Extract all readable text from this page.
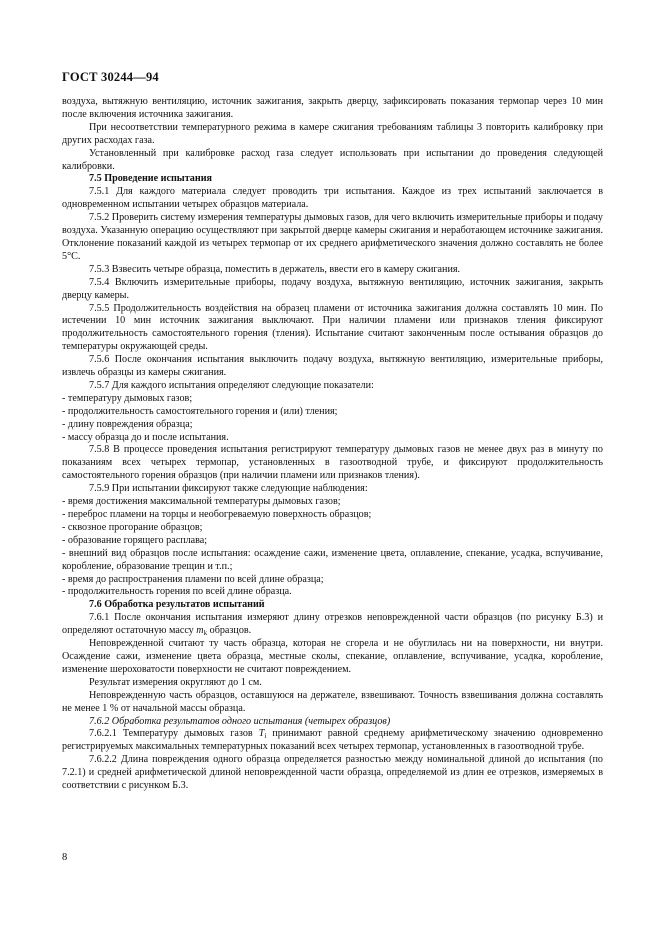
ГОСТ 30244—94

воздуха, вытяжную вентиляцию, источник зажигания, закрыть дверцу, зафиксировать показания термопар через 10 мин после включения источника зажигания.

При несоответствии температурного режима в камере сжигания требованиям таблицы 3 повторить калибровку при других расходах газа.

Установленный при калибровке расход газа следует использовать при испытании до проведения следующей калибровки.

7.5 Проведение испытания

7.5.1 Для каждого материала следует проводить три испытания. Каждое из трех испытаний заключается в одновременном испытании четырех образцов материала.

7.5.2 Проверить систему измерения температуры дымовых газов, для чего включить измерительные приборы и подачу воздуха. Указанную операцию осуществляют при закрытой дверце камеры сжигания и неработающем источнике зажигания. Отклонение показаний каждой из четырех термопар от их среднего арифметического значения должно составлять не более 5°С.

7.5.3 Взвесить четыре образца, поместить в держатель, ввести его в камеру сжигания.

7.5.4 Включить измерительные приборы, подачу воздуха, вытяжную вентиляцию, источник зажигания, закрыть дверцу камеры.

7.5.5 Продолжительность воздействия на образец пламени от источника зажигания должна составлять 10 мин. По истечении 10 мин источник зажигания выключают. При наличии пламени или признаков тления фиксируют продолжительность самостоятельного горения (тления). Испытание считают законченным после остывания образцов до температуры окружающей среды.

7.5.6 После окончания испытания выключить подачу воздуха, вытяжную вентиляцию, измерительные приборы, извлечь образцы из камеры сжигания.

7.5.7 Для каждого испытания определяют следующие показатели:

- температуру дымовых газов;

- продолжительность самостоятельного горения и (или) тления;

- длину повреждения образца;

- массу образца до и после испытания.

7.5.8 В процессе проведения испытания регистрируют температуру дымовых газов не менее двух раз в минуту по показаниям всех четырех термопар, установленных в газоотводной трубе, и фиксируют продолжительность самостоятельного горения образцов (при наличии пламени или признаков тления).

7.5.9 При испытании фиксируют также следующие наблюдения:

- время достижения максимальной температуры дымовых газов;

- переброс пламени на торцы и необогреваемую поверхность образцов;

- сквозное прогорание образцов;

- образование горящего расплава;

- внешний вид образцов после испытания: осаждение сажи, изменение цвета, оплавление, спекание, усадка, вспучивание, коробление, образование трещин и т.п.;

- время до распространения пламени по всей длине образца;

- продолжительность горения по всей длине образца.

7.6 Обработка результатов испытаний

7.6.1 После окончания испытания измеряют длину отрезков неповрежденной части образцов (по рисунку Б.3) и определяют остаточную массу $m_k$ образцов.

Неповрежденной считают ту часть образца, которая не сгорела и не обуглилась ни на поверхности, ни внутри. Осаждение сажи, изменение цвета образца, местные сколы, спекание, оплавление, вспучивание, усадка, коробление, изменение шероховатости поверхности не считают повреждением.

Результат измерения округляют до 1 см.

Неповрежденную часть образцов, оставшуюся на держателе, взвешивают. Точность взвешивания должна составлять не менее 1 % от начальной массы образца.

7.6.2 Обработка результатов одного испытания (четырех образцов)

7.6.2.1 Температуру дымовых газов $T_i$ принимают равной среднему арифметическому значению одновременно регистрируемых максимальных температурных показаний всех четырех термопар, установленных в газоотводной трубе.

7.6.2.2 Длина повреждения одного образца определяется разностью между номинальной длиной до испытания (по 7.2.1) и средней арифметической длиной неповрежденной части образца, определяемой из длин ее отрезков, измеряемых в соответствии с рисунком Б.3.

8
